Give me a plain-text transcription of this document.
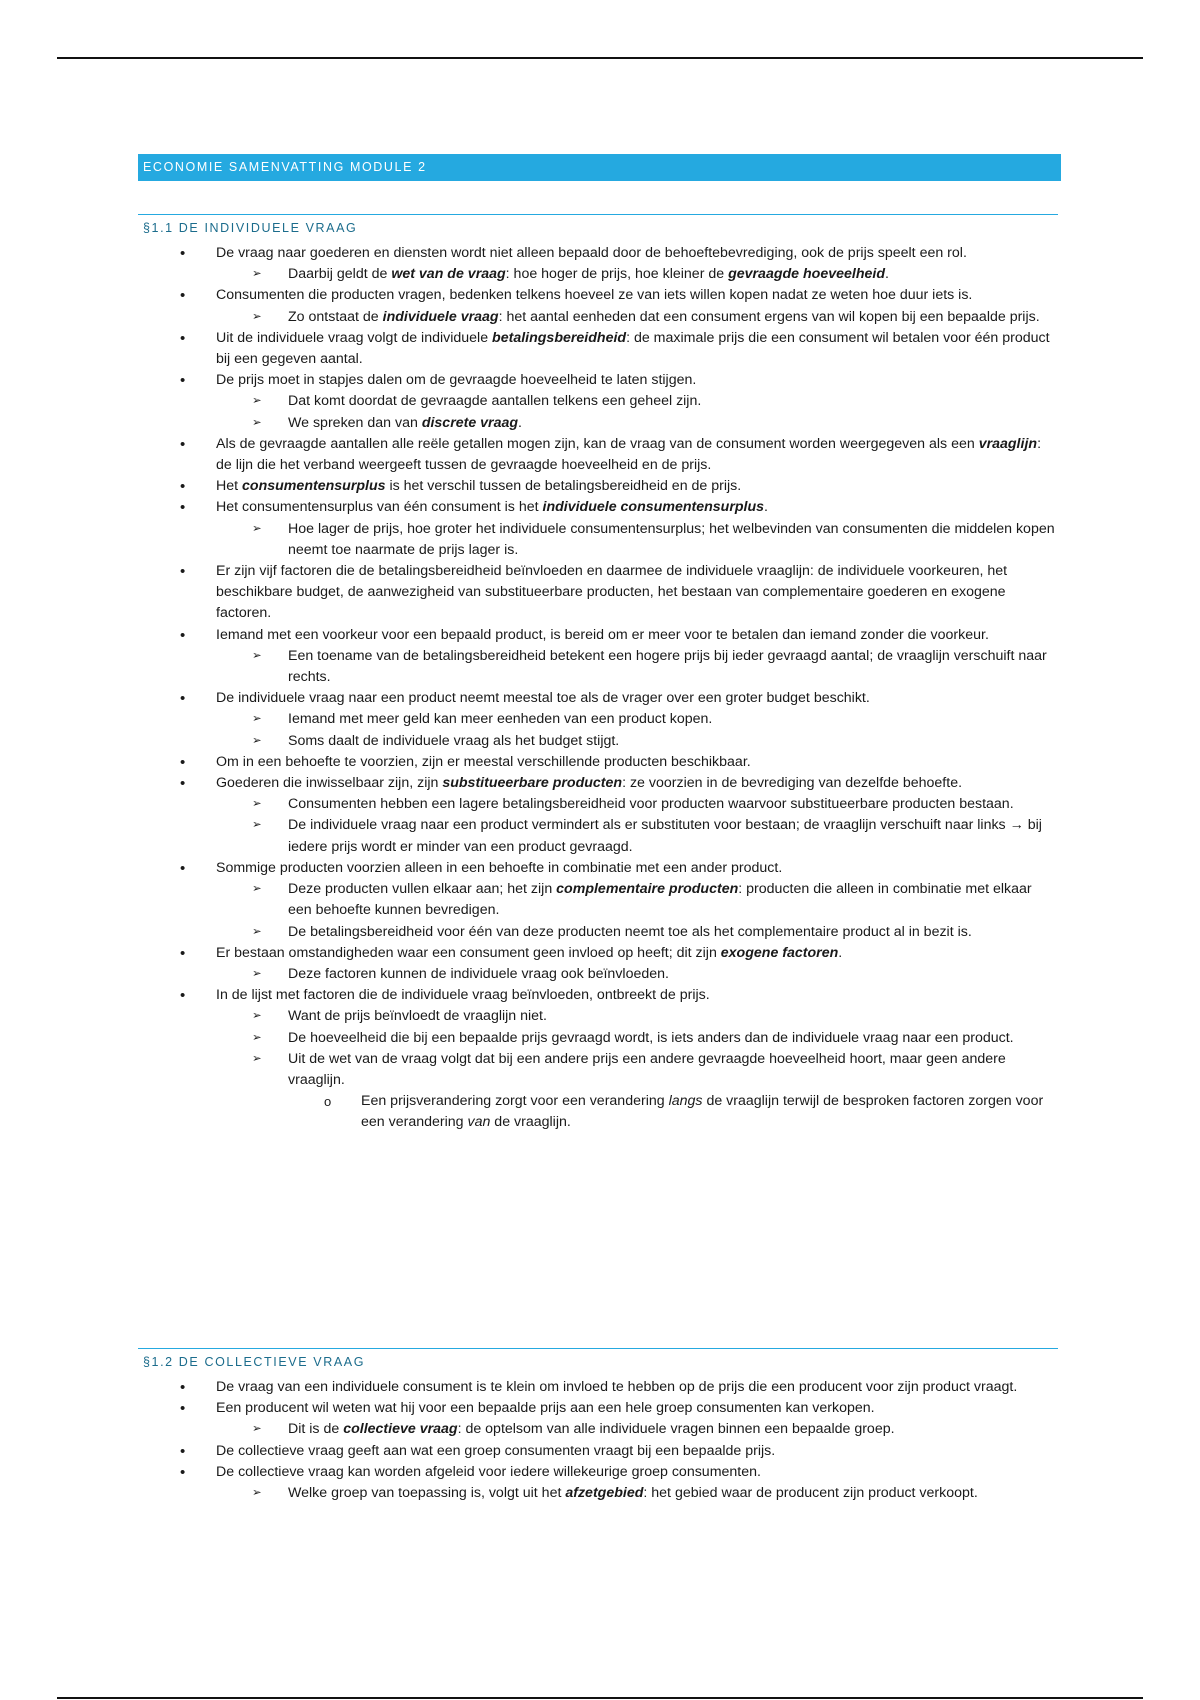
ECONOMIE SAMENVATTING MODULE 2
§1.1 DE INDIVIDUELE VRAAG
• De vraag naar goederen en diensten wordt niet alleen bepaald door de behoeftebevrediging, ook de prijs speelt een rol.
➢ Daarbij geldt de wet van de vraag: hoe hoger de prijs, hoe kleiner de gevraagde hoeveelheid.
• Consumenten die producten vragen, bedenken telkens hoeveel ze van iets willen kopen nadat ze weten hoe duur iets is.
➢ Zo ontstaat de individuele vraag: het aantal eenheden dat een consument ergens van wil kopen bij een bepaalde prijs.
• Uit de individuele vraag volgt de individuele betalingsbereidheid: de maximale prijs die een consument wil betalen voor één product bij een gegeven aantal.
• De prijs moet in stapjes dalen om de gevraagde hoeveelheid te laten stijgen.
➢ Dat komt doordat de gevraagde aantallen telkens een geheel zijn.
➢ We spreken dan van discrete vraag.
• Als de gevraagde aantallen alle reële getallen mogen zijn, kan de vraag van de consument worden weergegeven als een vraaglijn: de lijn die het verband weergeeft tussen de gevraagde hoeveelheid en de prijs.
• Het consumentensurplus is het verschil tussen de betalingsbereidheid en de prijs.
• Het consumentensurplus van één consument is het individuele consumentensurplus.
➢ Hoe lager de prijs, hoe groter het individuele consumentensurplus; het welbevinden van consumenten die middelen kopen neemt toe naarmate de prijs lager is.
• Er zijn vijf factoren die de betalingsbereidheid beïnvloeden en daarmee de individuele vraaglijn: de individuele voorkeuren, het beschikbare budget, de aanwezigheid van substitueerbare producten, het bestaan van complementaire goederen en exogene factoren.
• Iemand met een voorkeur voor een bepaald product, is bereid om er meer voor te betalen dan iemand zonder die voorkeur.
➢ Een toename van de betalingsbereidheid betekent een hogere prijs bij ieder gevraagd aantal; de vraaglijn verschuift naar rechts.
• De individuele vraag naar een product neemt meestal toe als de vrager over een groter budget beschikt.
➢ Iemand met meer geld kan meer eenheden van een product kopen.
➢ Soms daalt de individuele vraag als het budget stijgt.
• Om in een behoefte te voorzien, zijn er meestal verschillende producten beschikbaar.
• Goederen die inwisselbaar zijn, zijn substitueerbare producten: ze voorzien in de bevrediging van dezelfde behoefte.
➢ Consumenten hebben een lagere betalingsbereidheid voor producten waarvoor substitueerbare producten bestaan.
➢ De individuele vraag naar een product vermindert als er substituten voor bestaan; de vraaglijn verschuift naar links → bij iedere prijs wordt er minder van een product gevraagd.
• Sommige producten voorzien alleen in een behoefte in combinatie met een ander product.
➢ Deze producten vullen elkaar aan; het zijn complementaire producten: producten die alleen in combinatie met elkaar een behoefte kunnen bevredigen.
➢ De betalingsbereidheid voor één van deze producten neemt toe als het complementaire product al in bezit is.
• Er bestaan omstandigheden waar een consument geen invloed op heeft; dit zijn exogene factoren.
➢ Deze factoren kunnen de individuele vraag ook beïnvloeden.
• In de lijst met factoren die de individuele vraag beïnvloeden, ontbreekt de prijs.
➢ Want de prijs beïnvloedt de vraaglijn niet.
➢ De hoeveelheid die bij een bepaalde prijs gevraagd wordt, is iets anders dan de individuele vraag naar een product.
➢ Uit de wet van de vraag volgt dat bij een andere prijs een andere gevraagde hoeveelheid hoort, maar geen andere vraaglijn.
o Een prijsverandering zorgt voor een verandering langs de vraaglijn terwijl de besproken factoren zorgen voor een verandering van de vraaglijn.
§1.2 DE COLLECTIEVE VRAAG
• De vraag van een individuele consument is te klein om invloed te hebben op de prijs die een producent voor zijn product vraagt.
• Een producent wil weten wat hij voor een bepaalde prijs aan een hele groep consumenten kan verkopen.
➢ Dit is de collectieve vraag: de optelsom van alle individuele vragen binnen een bepaalde groep.
• De collectieve vraag geeft aan wat een groep consumenten vraagt bij een bepaalde prijs.
• De collectieve vraag kan worden afgeleid voor iedere willekeurige groep consumenten.
➢ Welke groep van toepassing is, volgt uit het afzetgebied: het gebied waar de producent zijn product verkoopt.
